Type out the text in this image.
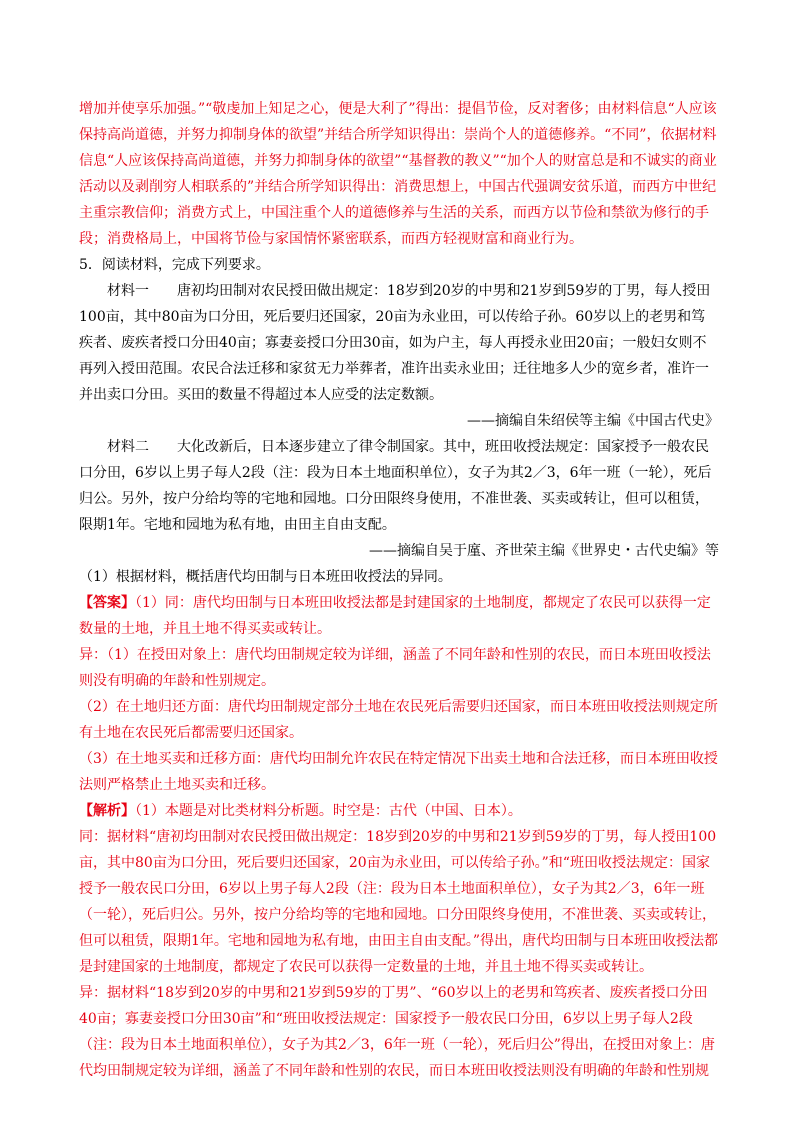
增加并使享乐加强。”“敬虔加上知足之心，便是大利了”得出：提倡节俭，反对奢侈；由材料信息“人应该保持高尚道德，并努力抑制身体的欲望”并结合所学知识得出：崇尚个人的道德修养。“不同”，依据材料信息“人应该保持高尚道德，并努力抑制身体的欲望”“基督教的教义”“加个人的财富总是和不诚实的商业活动以及剥削穷人相联系的”并结合所学知识得出：消费思想上，中国古代强调安贫乐道，而西方中世纪主重宗教信仰；消费方式上，中国注重个人的道德修养与生活的关系，而西方以节俭和禁欲为修行的手段；消费格局上，中国将节俭与家国情怀紧密联系，而西方轻视财富和商业行为。

5．阅读材料，完成下列要求。

材料一　　唐初均田制对农民授田做出规定：18岁到20岁的中男和21岁到59岁的丁男，每人授田100亩，其中80亩为口分田，死后要归还国家，20亩为永业田，可以传给子孙。60岁以上的老男和笃疾者、废疾者授口分田40亩；寡妻妾授口分田30亩，如为户主，每人再授永业田20亩；一般妇女则不再列入授田范围。农民合法迁移和家贫无力举葬者，准许出卖永业田；迁往地多人少的宽乡者，准许一并出卖口分田。买田的数量不得超过本人应受的法定数额。

——摘编自朱绍侯等主编《中国古代史》

材料二　　大化改新后，日本逐步建立了律令制国家。其中，班田收授法规定：国家授予一般农民口分田，6岁以上男子每人2段（注：段为日本土地面积单位），女子为其2／3，6年一班（一轮），死后归公。另外，按户分给均等的宅地和园地。口分田限终身使用，不准世袭、买卖或转让，但可以租赁，限期1年。宅地和园地为私有地，由田主自由支配。

——摘编自吴于廑、齐世荣主编《世界史・古代史编》等

（1）根据材料，概括唐代均田制与日本班田收授法的异同。

【答案】（1）同：唐代均田制与日本班田收授法都是封建国家的土地制度，都规定了农民可以获得一定数量的土地，并且土地不得买卖或转让。

异：（1）在授田对象上：唐代均田制规定较为详细，涵盖了不同年龄和性别的农民，而日本班田收授法则没有明确的年龄和性别规定。

（2）在土地归还方面：唐代均田制规定部分土地在农民死后需要归还国家，而日本班田收授法则规定所有土地在农民死后都需要归还国家。

（3）在土地买卖和迁移方面：唐代均田制允许农民在特定情况下出卖土地和合法迁移，而日本班田收授法则严格禁止土地买卖和迁移。

【解析】（1）本题是对比类材料分析题。时空是：古代（中国、日本）。

同：据材料“唐初均田制对农民授田做出规定：18岁到20岁的中男和21岁到59岁的丁男，每人授田100亩，其中80亩为口分田，死后要归还国家，20亩为永业田，可以传给子孙。”和“班田收授法规定：国家授予一般农民口分田，6岁以上男子每人2段（注：段为日本土地面积单位），女子为其2／3，6年一班（一轮），死后归公。另外，按户分给均等的宅地和园地。口分田限终身使用，不准世袭、买卖或转让，但可以租赁，限期1年。宅地和园地为私有地，由田主自由支配。”得出，唐代均田制与日本班田收授法都是封建国家的土地制度，都规定了农民可以获得一定数量的土地，并且土地不得买卖或转让。

异：据材料“18岁到20岁的中男和21岁到59岁的丁男”、“60岁以上的老男和笃疾者、废疾者授口分田40亩；寡妻妾授口分田30亩”和“班田收授法规定：国家授予一般农民口分田，6岁以上男子每人2段（注：段为日本土地面积单位），女子为其2／3，6年一班（一轮），死后归公”得出，在授田对象上：唐代均田制规定较为详细，涵盖了不同年龄和性别的农民，而日本班田收授法则没有明确的年龄和性别规
